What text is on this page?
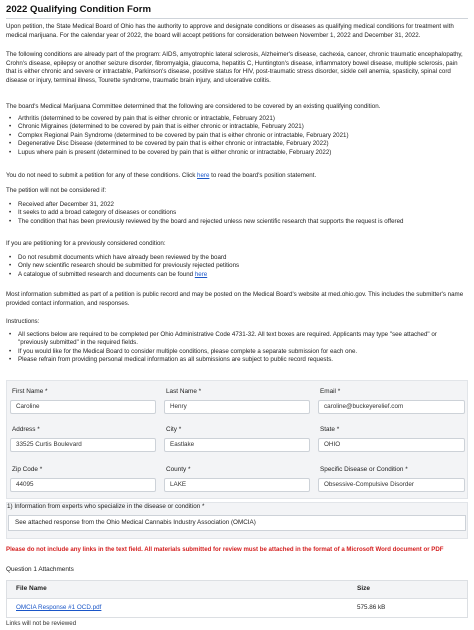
2022 Qualifying Condition Form

Upon petition, the State Medical Board of Ohio has the authority to approve and designate conditions or diseases as qualifying medical conditions for treatment with medical marijuana. For the calendar year of 2022, the board will accept petitions for consideration between November 1, 2022 and December 31, 2022.

The following conditions are already part of the program: AIDS, amyotrophic lateral sclerosis, Alzheimer's disease, cachexia, cancer, chronic traumatic encephalopathy, Crohn's disease, epilepsy or another seizure disorder, fibromyalgia, glaucoma, hepatitis C, Huntington's disease, inflammatory bowel disease, multiple sclerosis, pain that is either chronic and severe or intractable, Parkinson's disease, positive status for HIV, post-traumatic stress disorder, sickle cell anemia, spasticity, spinal cord disease or injury, terminal illness, Tourette syndrome, traumatic brain injury, and ulcerative colitis.

The board's Medical Marijuana Committee determined that the following are considered to be covered by an existing qualifying condition.

• Arthritis (determined to be covered by pain that is either chronic or intractable, February 2021)
• Chronic Migraines (determined to be covered by pain that is either chronic or intractable, February 2021)
• Complex Regional Pain Syndrome (determined to be covered by pain that is either chronic or intractable, February 2021)
• Degenerative Disc Disease (determined to be covered by pain that is either chronic or intractable, February 2022)
• Lupus where pain is present (determined to be covered by pain that is either chronic or intractable, February 2022)

You do not need to submit a petition for any of these conditions. Click here to read the board's position statement.

The petition will not be considered if:

• Received after December 31, 2022
• It seeks to add a broad category of diseases or conditions
• The condition that has been previously reviewed by the board and rejected unless new scientific research that supports the request is offered

If you are petitioning for a previously considered condition:

• Do not resubmit documents which have already been reviewed by the board
• Only new scientific research should be submitted for previously rejected petitions
• A catalogue of submitted research and documents can be found here

Most information submitted as part of a petition is public record and may be posted on the Medical Board's website at med.ohio.gov. This includes the submitter's name provided contact information, and responses.

Instructions:

• All sections below are required to be completed per Ohio Administrative Code 4731-32. All text boxes are required. Applicants may type "see attached" or "previously submitted" in the required fields.
• If you would like for the Medical Board to consider multiple conditions, please complete a separate submission for each one.
• Please refrain from providing personal medical information as all submissions are subject to public record requests.
First Name *
Caroline
Last Name *
Henry
Email *
caroline@buckeyerelief.com
Address *
33525 Curtis Boulevard
City *
Eastlake
State *
OHIO
Zip Code *
44095
County *
LAKE
Specific Disease or Condition *
Obsessive-Compulsive Disorder
1) Information from experts who specialize in the disease or condition *
See attached response from the Ohio Medical Cannabis Industry Association (OMCIA)
Please do not include any links in the text field. All materials submitted for review must be attached in the format of a Microsoft Word document or PDF
Question 1 Attachments
File Name	Size
OMCIA Response #1 OCD.pdf	575.86 kB
Links will not be reviewed
